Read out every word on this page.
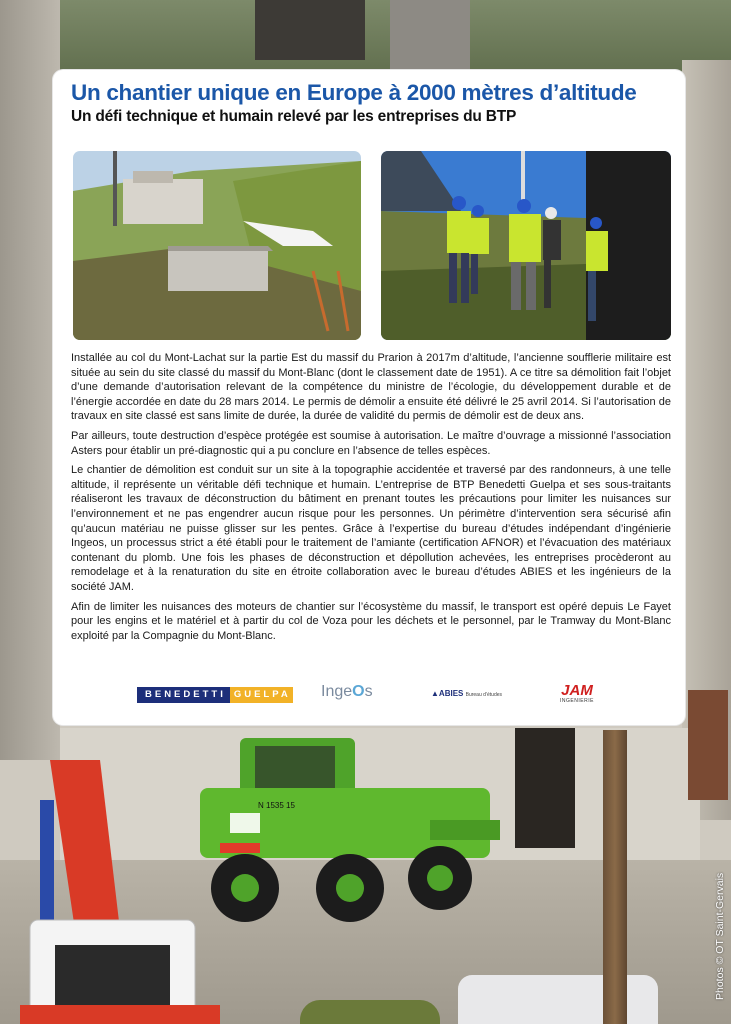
N 1535 15
Un chantier unique en Europe à 2000 mètres d’altitude
Un défi technique et humain relevé par les entreprises du BTP

Installée au col du Mont-Lachat sur la partie Est du massif du Prarion à 2017m d’altitude, l’ancienne soufflerie militaire est située au sein du site classé du massif du Mont-Blanc (dont le classement date de 1951). A ce titre sa démolition fait l’objet d’une demande d’autorisation relevant de la compétence du ministre de l’écologie, du développement durable et de l’énergie accordée en date du 28 mars 2014. Le permis de démolir a ensuite été délivré le 25 avril 2014. Si l’autorisation de travaux en site classé est sans limite de durée, la durée de validité du permis de démolir est de deux ans.

Par ailleurs, toute destruction d’espèce protégée est soumise à autorisation. Le maître d’ouvrage a missionné l’association Asters pour établir un pré-diagnostic qui a pu conclure en l’absence de telles espèces.

Le chantier de démolition est conduit sur un site à la topographie accidentée et traversé par des randonneurs, à une telle altitude, il représente un véritable défi technique et humain. L’entreprise de BTP Benedetti Guelpa et ses sous-traitants réaliseront les travaux de déconstruction du bâtiment en prenant toutes les précautions pour limiter les nuisances sur l’environnement et ne pas engendrer aucun risque pour les personnes. Un périmètre d’intervention sera sécurisé afin qu’aucun matériau ne puisse glisser sur les pentes. Grâce à l’expertise du bureau d’études indépendant d’ingénierie Ingeos, un processus strict a été établi pour le traitement de l’amiante (certification AFNOR) et l’évacuation des matériaux contenant du plomb. Une fois les phases de déconstruction et dépollution achevées, les entreprises procèderont au remodelage et à la renaturation du site en étroite collaboration avec le bureau d’études ABIES et les ingénieurs de la société JAM.

Afin de limiter les nuisances des moteurs de chantier sur l’écosystème du massif, le transport est opéré depuis Le Fayet pour les engins et le matériel et à partir du col de Voza pour les déchets et le personnel, par le Tramway du Mont-Blanc exploité par la Compagnie du Mont-Blanc.

BENEDETTI GUELPA	IngeOs	▲ABIES Bureau d’études	JAM
INGENIERIE
Photos © OT Saint-Gervais
